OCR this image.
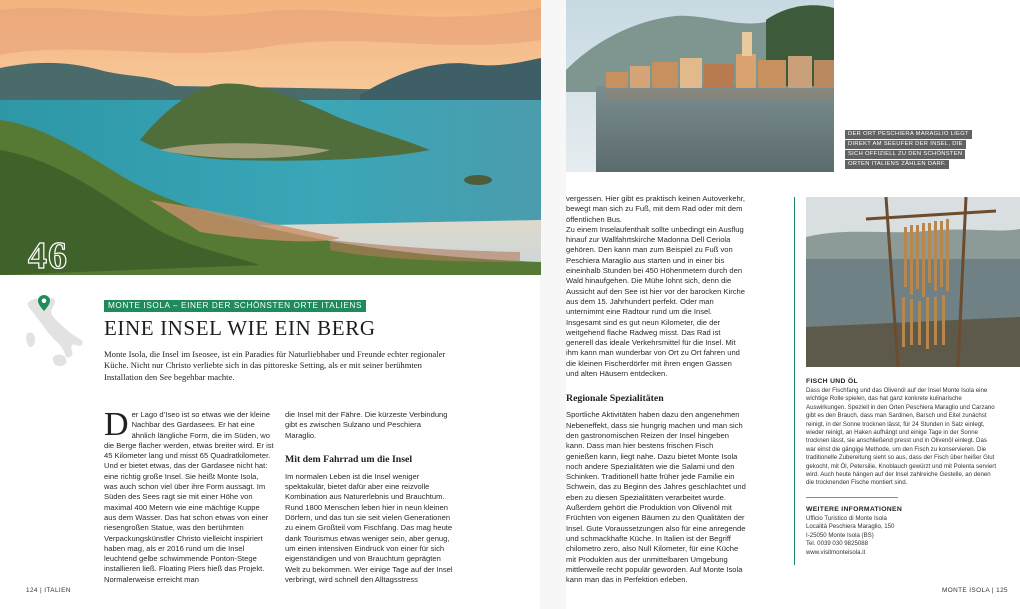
46
MONTE ISOLA – EINER DER SCHÖNSTEN ORTE ITALIENS
EINE INSEL WIE EIN BERG

Monte Isola, die Insel im Iseosee, ist ein Paradies für Naturliebhaber und Freunde echter regionaler Küche. Nicht nur Christo verliebte sich in das pittoreske Setting, als er mit seiner berühmten Installation den See begehbar machte.

Der Lago d’Iseo ist so etwas wie der kleine Nachbar des Gardasees. Er hat eine ähnlich längliche Form, die im Süden, wo die Berge flacher werden, etwas breiter wird. Er ist 45 Kilometer lang und misst 65 Quadratkilometer. Und er bietet etwas, das der Gardasee nicht hat: eine richtig große Insel. Sie heißt Monte Isola, was auch schon viel über ihre Form aussagt. Im Süden des Sees ragt sie mit einer Höhe von maximal 400 Metern wie eine mächtige Kuppe aus dem Wasser. Das hat schon etwas von einer riesengroßen Statue, was den berühmten Verpackungskünstler Christo vielleicht inspiriert haben mag, als er 2016 rund um die Insel leuchtend gelbe schwimmende Ponton-Stege installieren ließ. Floating Piers hieß das Projekt. Normalerweise erreicht man

die Insel mit der Fähre. Die kürzeste Verbindung gibt es zwischen Sulzano und Peschiera Maraglio.

Mit dem Fahrrad um die Insel

Im normalen Leben ist die Insel weniger spektakulär, bietet dafür aber eine reizvolle Kombination aus Naturerlebnis und Brauchtum. Rund 1800 Menschen leben hier in neun kleinen Dörfern, und das tun sie seit vielen Generationen zu einem Großteil vom Fischfang. Das mag heute dank Tourismus etwas weniger sein, aber genug, um einen intensiven Eindruck von einer für sich eigenständigen und von Brauchtum geprägten Welt zu bekommen. Wer einige Tage auf der Insel verbringt, wird schnell den Alltagsstress

124 | ITALIEN
DER ORT PESCHIERA MARAGLIO LIEGT
DIREKT AM SEEUFER DER INSEL, DIE
SICH OFFIZIELL ZU DEN SCHÖNSTEN
ORTEN ITALIENS ZÄHLEN DARF.

vergessen. Hier gibt es praktisch keinen Autoverkehr, bewegt man sich zu Fuß, mit dem Rad oder mit dem öffentlichen Bus.

Zu einem Inselaufenthalt sollte unbedingt ein Ausflug hinauf zur Wallfahrtskirche Madonna Dell Ceriola gehören. Den kann man zum Beispiel zu Fuß von Peschiera Maraglio aus starten und in einer bis eineinhalb Stunden bei 450 Höhenmetern durch den Wald hinaufgehen. Die Mühe lohnt sich, denn die Aussicht auf den See ist hier vor der barocken Kirche aus dem 15. Jahrhundert perfekt. Oder man unternimmt eine Radtour rund um die Insel. Insgesamt sind es gut neun Kilometer, die der weitgehend flache Radweg misst. Das Rad ist generell das ideale Verkehrsmittel für die Insel. Mit ihm kann man wunderbar von Ort zu Ort fahren und die kleinen Fischerdörfer mit ihren engen Gassen und alten Häusern entdecken.

Regionale Spezialitäten

Sportliche Aktivitäten haben dazu den angenehmen Nebeneffekt, dass sie hungrig machen und man sich den gastronomischen Reizen der Insel hingeben kann. Dass man hier bestens frischen Fisch genießen kann, liegt nahe. Dazu bietet Monte Isola noch andere Spezialitäten wie die Salami und den Schinken. Traditionell hatte früher jede Familie ein Schwein, das zu Beginn des Jahres geschlachtet und eben zu diesen Spezialitäten verarbeitet wurde. Außerdem gehört die Produktion von Olivenöl mit Früchten von eigenen Bäumen zu den Qualitäten der Insel. Gute Voraussetzungen also für eine anregende und schmackhafte Küche. In Italien ist der Begriff chilometro zero, also Null Kilometer, für eine Küche mit Produkten aus der unmittelbaren Umgebung mittlerweile recht populär geworden. Auf Monte Isola kann man das in Perfektion erleben.

FISCH UND ÖL

Dass der Fischfang und das Olivenöl auf der Insel Monte Isola eine wichtige Rolle spielen, das hat ganz konkrete kulinarische Auswirkungen. Speziell in den Orten Peschiera Maraglio und Carzano gibt es den Brauch, dass man Sardinen, Barsch und Eitel zunächst reinigt, in der Sonne trocknen lässt, für 24 Stunden in Salz einlegt, wieder reinigt, an Haken aufhängt und einige Tage in der Sonne trocknen lässt, sie anschließend presst und in Olivenöl einlegt. Das war einst die gängige Methode, um den Fisch zu konservieren. Die traditionelle Zubereitung sieht so aus, dass der Fisch über heißer Glut gekocht, mit Öl, Petersilie, Knoblauch gewürzt und mit Polenta serviert wird. Auch heute hängen auf der Insel zahlreiche Gestelle, an denen die trocknenden Fische montiert sind.

WEITERE INFORMATIONEN

Ufficio Turistico di Monte Isola

Località Peschiera Maraglio, 150

I-25050 Monte Isola (BS)

Tel. 0039 030 9825088

www.visitmonteisola.it

MONTE ISOLA | 125
